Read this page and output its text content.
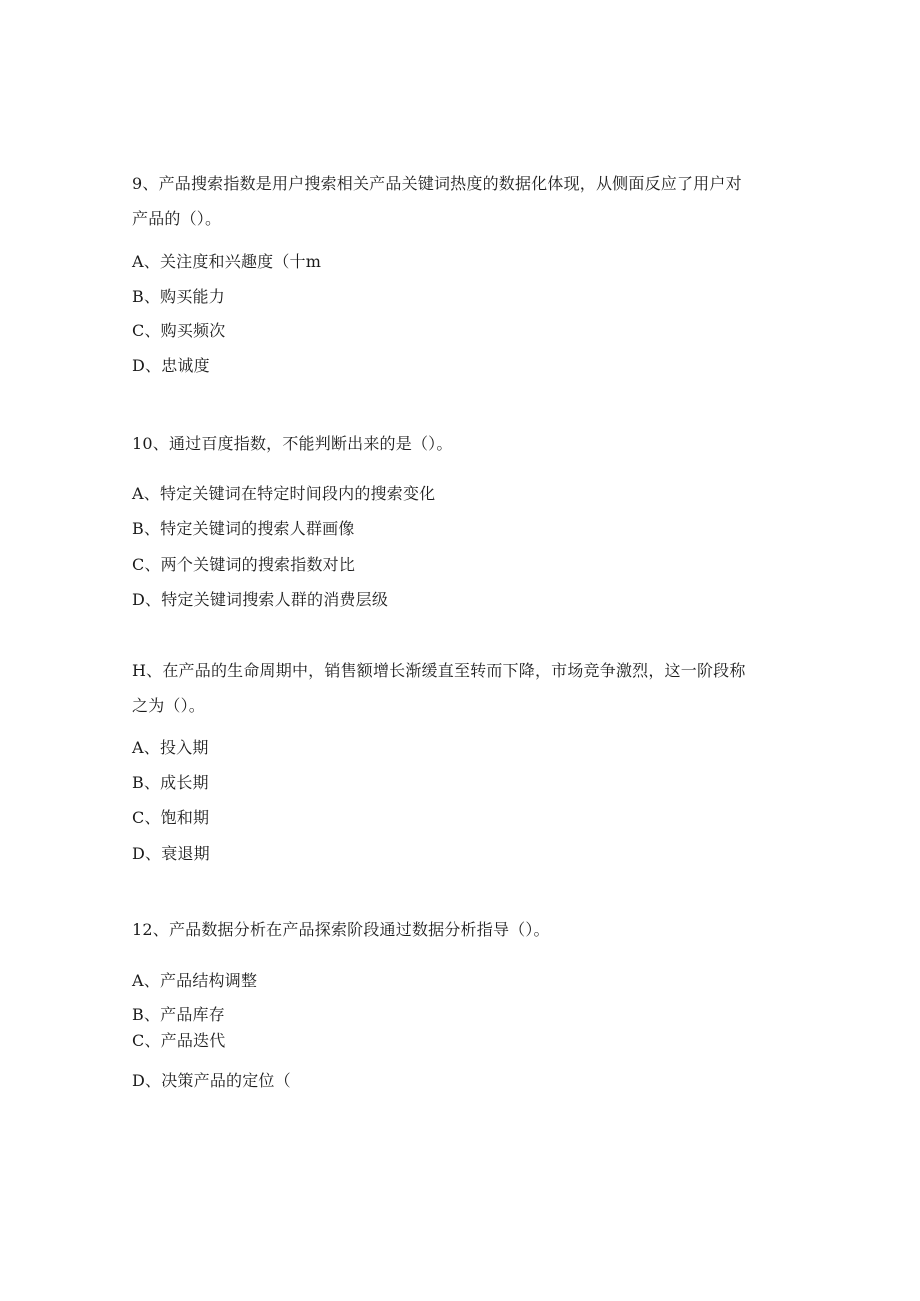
9、产品搜索指数是用户搜索相关产品关键词热度的数据化体现，从侧面反应了用户对
产品的（）。
A、关注度和兴趣度（十m
B、购买能力
C、购买频次
D、忠诚度
10、通过百度指数，不能判断出来的是（）。
A、特定关键词在特定时间段内的搜索变化
B、特定关键词的搜索人群画像
C、两个关键词的搜索指数对比
D、特定关键词搜索人群的消费层级
H、在产品的生命周期中，销售额增长渐缓直至转而下降，市场竞争激烈，这一阶段称
之为（）。
A、投入期
B、成长期
C、饱和期
D、衰退期
12、产品数据分析在产品探索阶段通过数据分析指导（）。
A、产品结构调整
B、产品库存
C、产品迭代
D、决策产品的定位（
